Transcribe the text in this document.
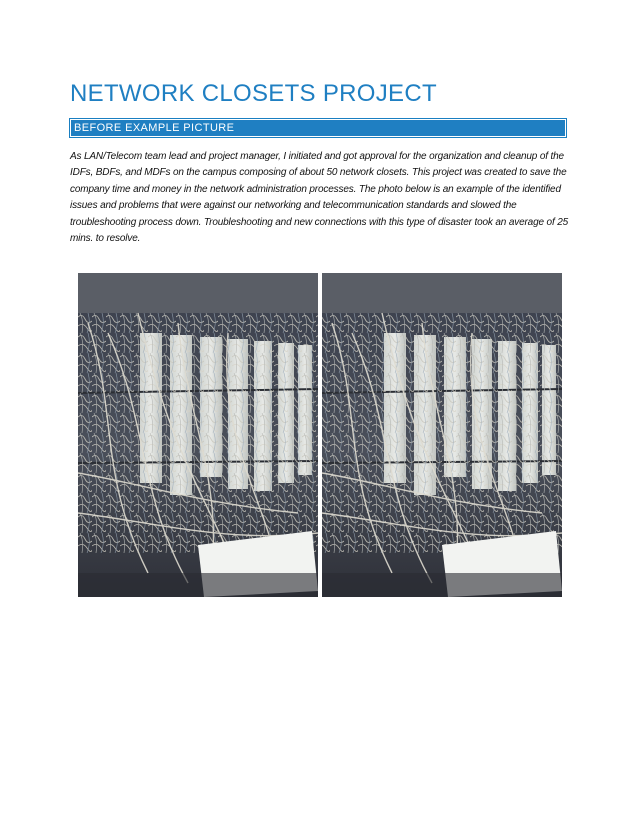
NETWORK CLOSETS PROJECT
BEFORE EXAMPLE PICTURE

As LAN/Telecom team lead and project manager, I initiated and got approval for the organization and cleanup of the IDFs, BDFs, and MDFs on the campus composing of about 50 network closets. This project was created to save the company time and money in the network administration processes. The photo below is an example of the identified issues and problems that were against our networking and telecommunication standards and slowed the troubleshooting process down. Troubleshooting and new connections with this type of disaster took an average of 25 mins. to resolve.
